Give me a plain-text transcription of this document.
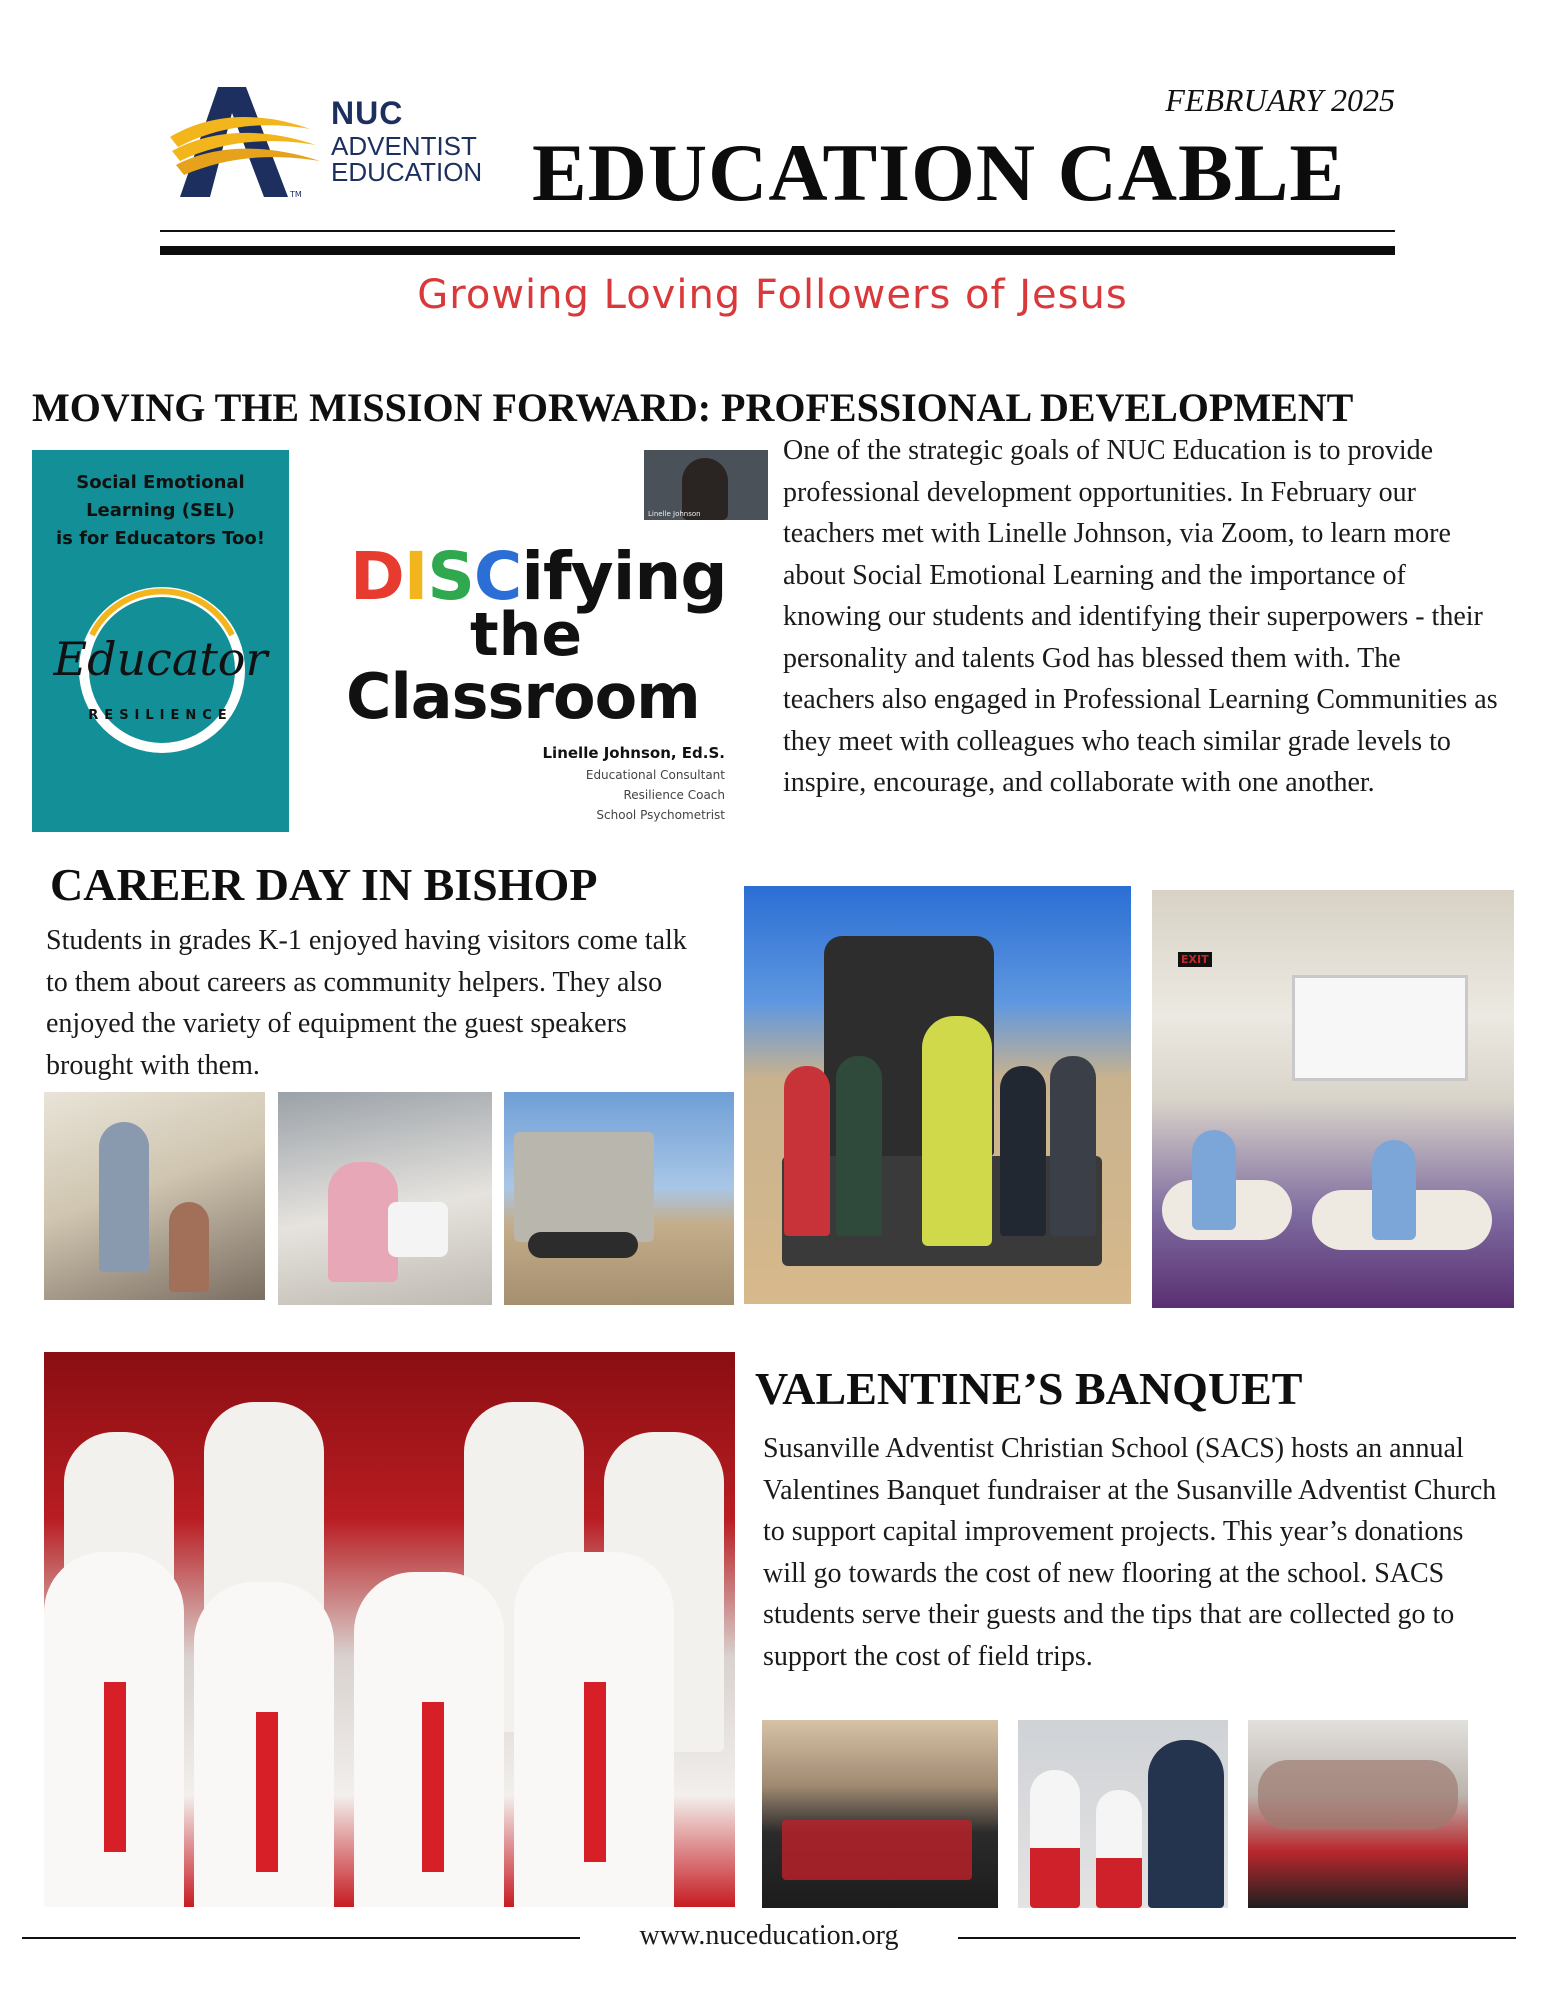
TM
NUC
ADVENTIST
EDUCATION
FEBRUARY 2025
EDUCATION CABLE
Growing Loving Followers of Jesus
MOVING THE MISSION FORWARD: PROFESSIONAL DEVELOPMENT
Social Emotional
Learning (SEL)
is for Educators Too!
Educator
RESILIENCE
DISCifying
the
Classroom
Linelle Johnson, Ed.S.
Educational Consultant
Resilience Coach
School Psychometrist
Linelle Johnson

One of the strategic goals of NUC Education is to provide professional development opportunities. In February our teachers met with Linelle Johnson, via Zoom, to learn more about Social Emotional Learning and the importance of knowing our students and identifying their superpowers - their personality and talents God has blessed them with. The teachers also engaged in Professional Learning Communities as they meet with colleagues who teach similar grade levels to inspire, encourage, and collaborate with one another.

CAREER DAY IN BISHOP

Students in grades K-1 enjoyed having visitors come talk to them about careers as community helpers. They also enjoyed the variety of equipment the guest speakers brought with them.

EXIT
VALENTINE’S BANQUET

Susanville Adventist Christian School (SACS) hosts an annual Valentines Banquet fundraiser at the Susanville Adventist Church to support capital improvement projects. This year’s donations will go towards the cost of new flooring at the school. SACS students serve their guests and the tips that are collected go to support the cost of field trips.

www.nuceducation.org
